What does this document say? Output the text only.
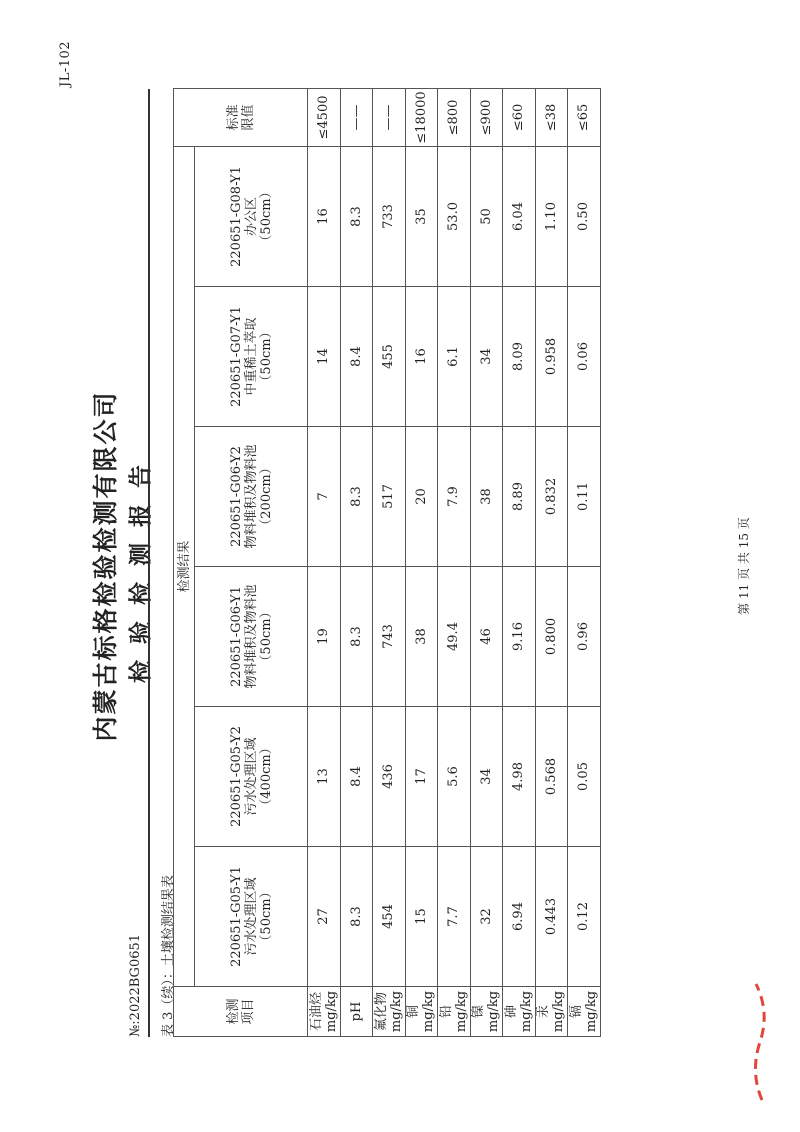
JL-102
内蒙古标格检验检测有限公司 检验检测报告
№:2022BG0651	表 3（续）：土壤检测结果表	检测
项目	检测结果						标准
限值
	220651-G05-Y1
污水处理区域
（50cm）	220651-G05-Y2
污水处理区域
（400cm）	220651-G06-Y1
物料堆积及物料池
（50cm）	220651-G06-Y2
物料堆积及物料池
（200cm）	220651-G07-Y1
中重稀土萃取
（50cm）	220651-G08-Y1
办公区
（50cm）	
石油烃
mg/kg	27	13	19	7	14	16	≤4500
pH	8.3	8.4	8.3	8.3	8.4	8.3	——
氟化物
mg/kg	454	436	743	517	455	733	——
铜
mg/kg	15	17	38	20	16	35	≤18000
铅
mg/kg	7.7	5.6	49.4	7.9	6.1	53.0	≤800
镍
mg/kg	32	34	46	38	34	50	≤900
砷
mg/kg	6.94	4.98	9.16	8.89	8.09	6.04	≤60
汞
mg/kg	0.443	0.568	0.800	0.832	0.958	1.10	≤38
镉
mg/kg	0.12	0.05	0.96	0.11	0.06	0.50	≤65
第 11 页 共 15 页
